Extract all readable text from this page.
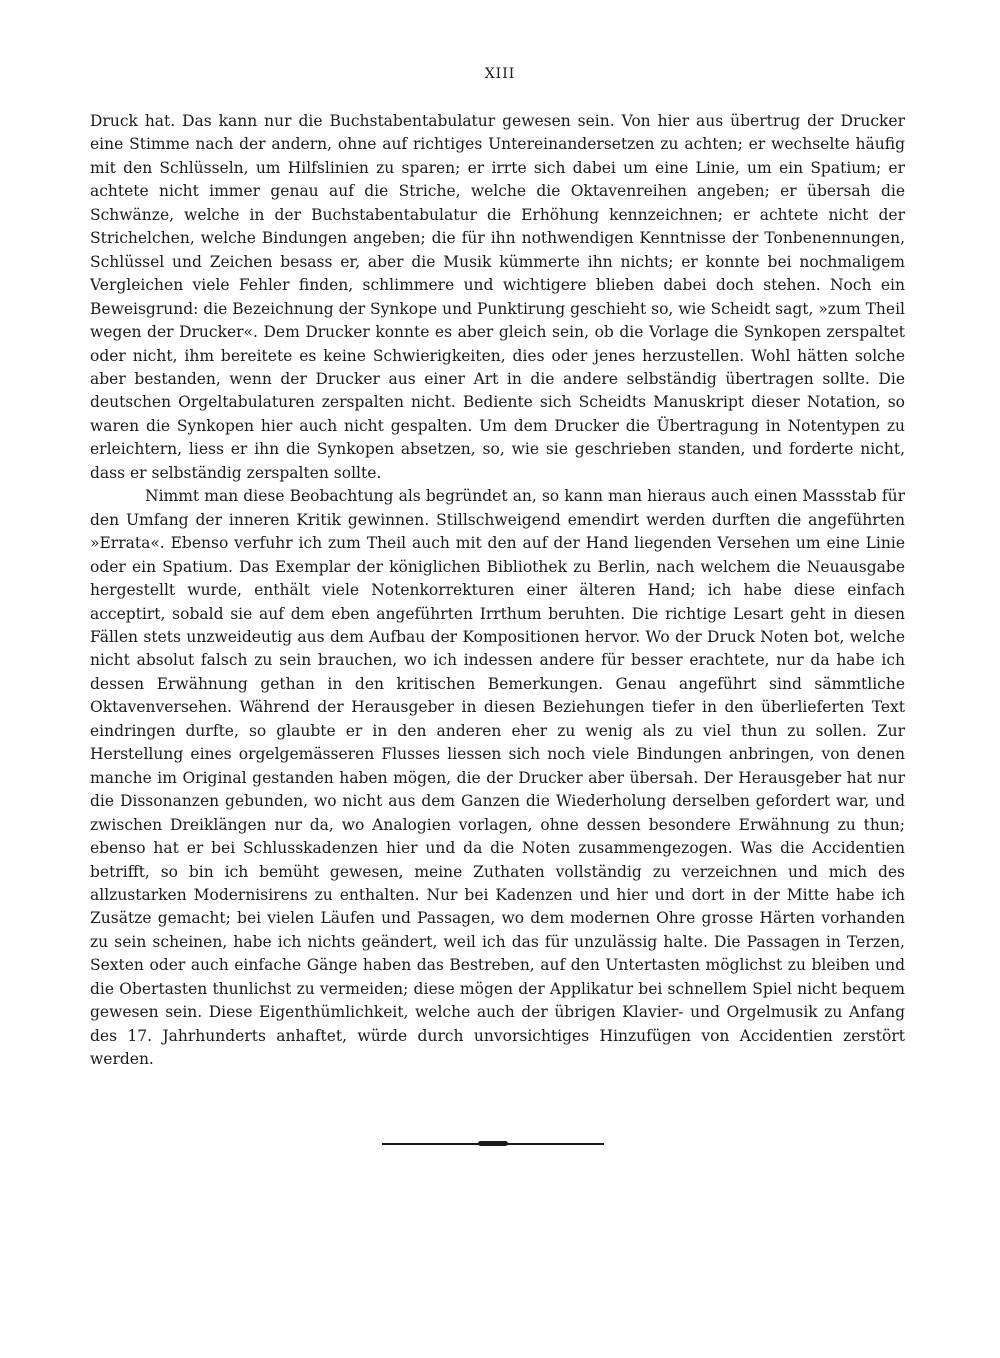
XIII

Druck hat. Das kann nur die Buchstabentabulatur gewesen sein. Von hier aus übertrug der Drucker eine Stimme nach der andern, ohne auf richtiges Untereinandersetzen zu achten; er wechselte häufig mit den Schlüsseln, um Hilfslinien zu sparen; er irrte sich dabei um eine Linie, um ein Spatium; er achtete nicht immer genau auf die Striche, welche die Oktavenreihen angeben; er übersah die Schwänze, welche in der Buchstabentabulatur die Erhöhung kennzeichnen; er achtete nicht der Strichelchen, welche Bindungen angeben; die für ihn nothwendigen Kenntnisse der Tonbenennungen, Schlüssel und Zeichen besass er, aber die Musik kümmerte ihn nichts; er konnte bei nochmaligem Vergleichen viele Fehler finden, schlimmere und wichtigere blieben dabei doch stehen. Noch ein Beweisgrund: die Bezeichnung der Synkope und Punktirung geschieht so, wie Scheidt sagt, »zum Theil wegen der Drucker«. Dem Drucker konnte es aber gleich sein, ob die Vorlage die Synkopen zerspaltet oder nicht, ihm bereitete es keine Schwierigkeiten, dies oder jenes herzustellen. Wohl hätten solche aber bestanden, wenn der Drucker aus einer Art in die andere selbständig übertragen sollte. Die deutschen Orgeltabulaturen zerspalten nicht. Bediente sich Scheidts Manuskript dieser Notation, so waren die Synkopen hier auch nicht gespalten. Um dem Drucker die Übertragung in Notentypen zu erleichtern, liess er ihn die Synkopen absetzen, so, wie sie geschrieben standen, und forderte nicht, dass er selbständig zerspalten sollte.

Nimmt man diese Beobachtung als begründet an, so kann man hieraus auch einen Massstab für den Umfang der inneren Kritik gewinnen. Stillschweigend emendirt werden durften die angeführten »Errata«. Ebenso verfuhr ich zum Theil auch mit den auf der Hand liegenden Versehen um eine Linie oder ein Spatium. Das Exemplar der königlichen Bibliothek zu Berlin, nach welchem die Neuausgabe hergestellt wurde, enthält viele Notenkorrekturen einer älteren Hand; ich habe diese einfach acceptirt, sobald sie auf dem eben angeführten Irrthum beruhten. Die richtige Lesart geht in diesen Fällen stets unzweideutig aus dem Aufbau der Kompositionen hervor. Wo der Druck Noten bot, welche nicht absolut falsch zu sein brauchen, wo ich indessen andere für besser erachtete, nur da habe ich dessen Erwähnung gethan in den kritischen Bemerkungen. Genau angeführt sind sämmtliche Oktavenversehen. Während der Herausgeber in diesen Beziehungen tiefer in den überlieferten Text eindringen durfte, so glaubte er in den anderen eher zu wenig als zu viel thun zu sollen. Zur Herstellung eines orgelgemässeren Flusses liessen sich noch viele Bindungen anbringen, von denen manche im Original gestanden haben mögen, die der Drucker aber übersah. Der Herausgeber hat nur die Dissonanzen gebunden, wo nicht aus dem Ganzen die Wiederholung derselben gefordert war, und zwischen Dreiklängen nur da, wo Analogien vorlagen, ohne dessen besondere Erwähnung zu thun; ebenso hat er bei Schlusskadenzen hier und da die Noten zusammengezogen. Was die Accidentien betrifft, so bin ich bemüht gewesen, meine Zuthaten vollständig zu verzeichnen und mich des allzustarken Modernisirens zu enthalten. Nur bei Kadenzen und hier und dort in der Mitte habe ich Zusätze gemacht; bei vielen Läufen und Passagen, wo dem modernen Ohre grosse Härten vorhanden zu sein scheinen, habe ich nichts geändert, weil ich das für unzulässig halte. Die Passagen in Terzen, Sexten oder auch einfache Gänge haben das Bestreben, auf den Untertasten möglichst zu bleiben und die Obertasten thunlichst zu vermeiden; diese mögen der Applikatur bei schnellem Spiel nicht bequem gewesen sein. Diese Eigenthümlichkeit, welche auch der übrigen Klavier- und Orgelmusik zu Anfang des 17. Jahrhunderts anhaftet, würde durch unvorsichtiges Hinzufügen von Accidentien zerstört werden.
